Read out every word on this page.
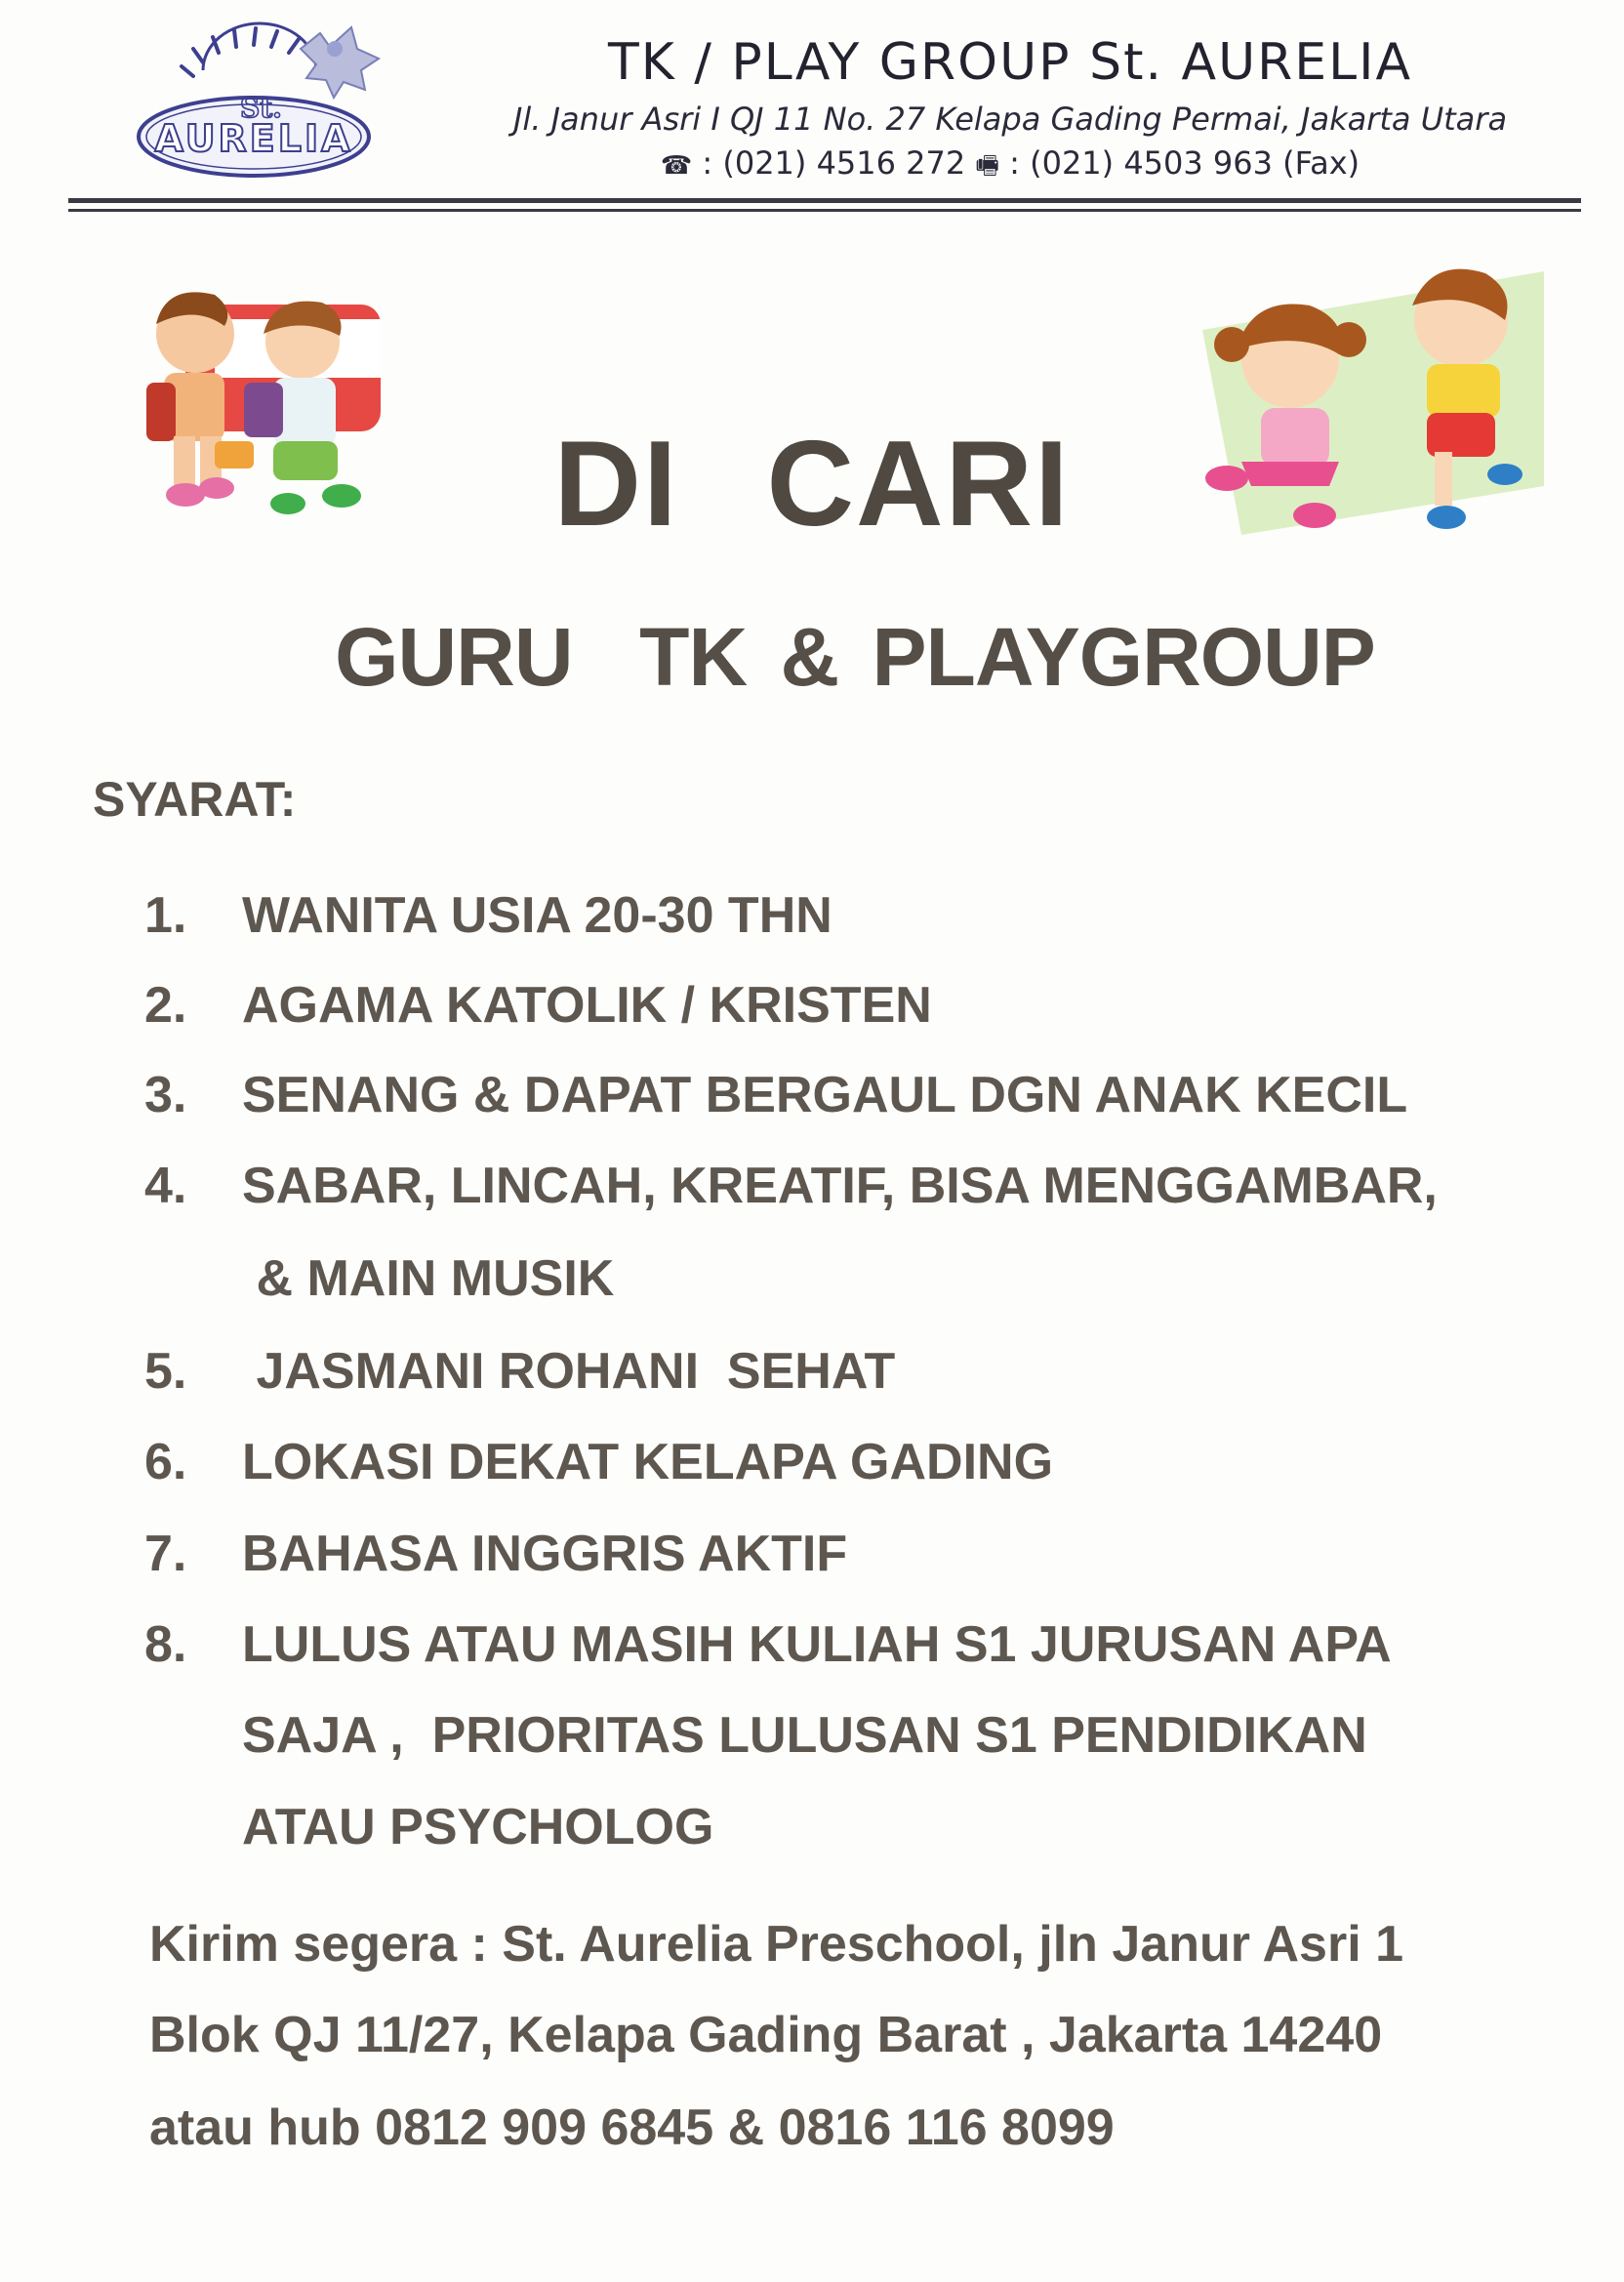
St.
AURELIA
TK / PLAY GROUP St. AURELIA
Jl. Janur Asri I QJ 11 No. 27 Kelapa Gading Permai, Jakarta Utara
☎ : (021) 4516 272 🖷 : (021) 4503 963 (Fax)
DI CARI
GURU  TK & PLAYGROUP
SYARAT:
1. WANITA USIA 20-30 THN
2. AGAMA KATOLIK / KRISTEN
3. SENANG & DAPAT BERGAUL DGN ANAK KECIL
4. SABAR, LINCAH, KREATIF, BISA MENGGAMBAR,
& MAIN MUSIK
5. JASMANI ROHANI  SEHAT
6. LOKASI DEKAT KELAPA GADING
7. BAHASA INGGRIS AKTIF
8. LULUS ATAU MASIH KULIAH S1 JURUSAN APA
SAJA ,  PRIORITAS LULUSAN S1 PENDIDIKAN
ATAU PSYCHOLOG
Kirim segera : St. Aurelia Preschool, jln Janur Asri 1
Blok QJ 11/27, Kelapa Gading Barat , Jakarta 14240
atau hub 0812 909 6845 & 0816 116 8099
